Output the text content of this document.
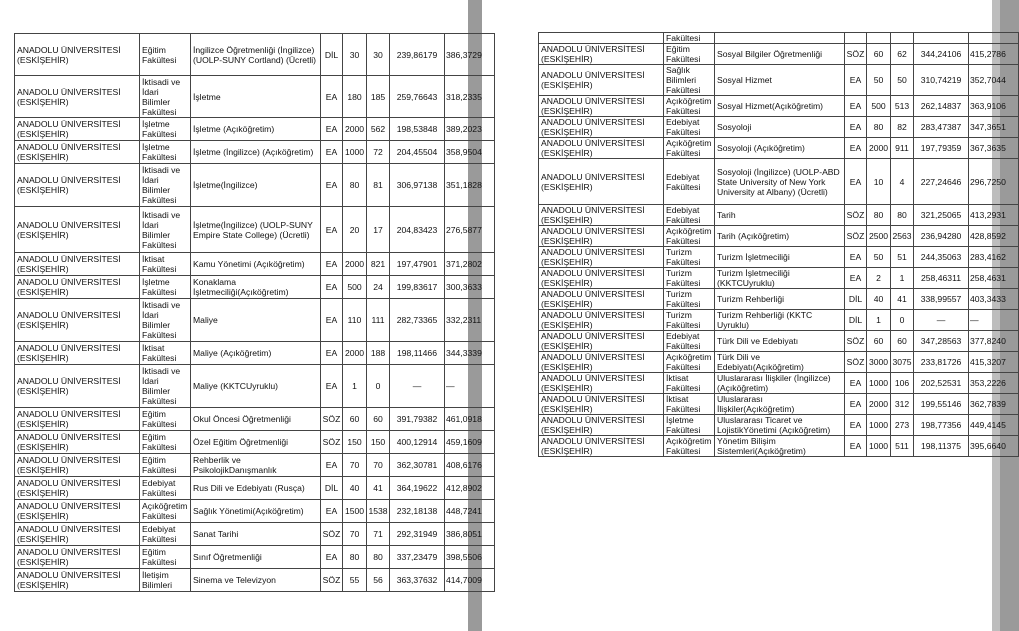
ANADOLU ÜNİVERSİTESİ (ESKİŞEHİR)	Eğitim Fakültesi	İngilizce Öğretmenliği (İngilizce)(UOLP-SUNY Cortland) (Ücretli)	DİL	30	30	239,86179	386,3729
ANADOLU ÜNİVERSİTESİ (ESKİŞEHİR)	İktisadi ve İdari Bilimler Fakültesi	İşletme	EA	180	185	259,76643	318,2335
ANADOLU ÜNİVERSİTESİ (ESKİŞEHİR)	İşletme Fakültesi	İşletme (Açıköğretim)	EA	2000	562	198,53848	389,2023
ANADOLU ÜNİVERSİTESİ (ESKİŞEHİR)	İşletme Fakültesi	İşletme (İngilizce) (Açıköğretim)	EA	1000	72	204,45504	358,9504
ANADOLU ÜNİVERSİTESİ (ESKİŞEHİR)	İktisadi ve İdari Bilimler Fakültesi	İşletme(İngilizce)	EA	80	81	306,97138	351,1828
ANADOLU ÜNİVERSİTESİ (ESKİŞEHİR)	İktisadi ve İdari Bilimler Fakültesi	İşletme(İngilizce) (UOLP-SUNY Empire State College) (Ücretli)	EA	20	17	204,83423	276,5877
ANADOLU ÜNİVERSİTESİ (ESKİŞEHİR)	İktisat Fakültesi	Kamu Yönetimi (Açıköğretim)	EA	2000	821	197,47901	371,2802
ANADOLU ÜNİVERSİTESİ (ESKİŞEHİR)	İşletme Fakültesi	Konaklama İşletmeciliği(Açıköğretim)	EA	500	24	199,83617	300,3633
ANADOLU ÜNİVERSİTESİ (ESKİŞEHİR)	İktisadi ve İdari Bilimler Fakültesi	Maliye	EA	110	111	282,73365	332,2311
ANADOLU ÜNİVERSİTESİ (ESKİŞEHİR)	İktisat Fakültesi	Maliye (Açıköğretim)	EA	2000	188	198,11466	344,3339
ANADOLU ÜNİVERSİTESİ (ESKİŞEHİR)	İktisadi ve İdari Bilimler Fakültesi	Maliye (KKTCUyruklu)	EA	1	0	—	—
ANADOLU ÜNİVERSİTESİ (ESKİŞEHİR)	Eğitim Fakültesi	Okul Öncesi Öğretmenliği	SÖZ	60	60	391,79382	461,0918
ANADOLU ÜNİVERSİTESİ (ESKİŞEHİR)	Eğitim Fakültesi	Özel Eğitim Öğretmenliği	SÖZ	150	150	400,12914	459,1609
ANADOLU ÜNİVERSİTESİ (ESKİŞEHİR)	Eğitim Fakültesi	Rehberlik ve PsikolojikDanışmanlık	EA	70	70	362,30781	408,6176
ANADOLU ÜNİVERSİTESİ (ESKİŞEHİR)	Edebiyat Fakültesi	Rus Dili ve Edebiyatı (Rusça)	DİL	40	41	364,19622	412,8902
ANADOLU ÜNİVERSİTESİ (ESKİŞEHİR)	Açıköğretim Fakültesi	Sağlık Yönetimi(Açıköğretim)	EA	1500	1538	232,18138	448,7241
ANADOLU ÜNİVERSİTESİ (ESKİŞEHİR)	Edebiyat Fakültesi	Sanat Tarihi	SÖZ	70	71	292,31949	386,8051
ANADOLU ÜNİVERSİTESİ (ESKİŞEHİR)	Eğitim Fakültesi	Sınıf Öğretmenliği	EA	80	80	337,23479	398,5506
ANADOLU ÜNİVERSİTESİ (ESKİŞEHİR)	İletişim Bilimleri	Sinema ve Televizyon	SÖZ	55	56	363,37632	414,7009
	Fakültesi						
ANADOLU ÜNİVERSİTESİ (ESKİŞEHİR)	Eğitim Fakültesi	Sosyal Bilgiler Öğretmenliği	SÖZ	60	62	344,24106	415,2786
ANADOLU ÜNİVERSİTESİ (ESKİŞEHİR)	Sağlık Bilimleri Fakültesi	Sosyal Hizmet	EA	50	50	310,74219	352,7044
ANADOLU ÜNİVERSİTESİ (ESKİŞEHİR)	Açıköğretim Fakültesi	Sosyal Hizmet(Açıköğretim)	EA	500	513	262,14837	363,9106
ANADOLU ÜNİVERSİTESİ (ESKİŞEHİR)	Edebiyat Fakültesi	Sosyoloji	EA	80	82	283,47387	347,3651
ANADOLU ÜNİVERSİTESİ (ESKİŞEHİR)	Açıköğretim Fakültesi	Sosyoloji (Açıköğretim)	EA	2000	911	197,79359	367,3635
ANADOLU ÜNİVERSİTESİ (ESKİŞEHİR)	Edebiyat Fakültesi	Sosyoloji (İngilizce) (UOLP-ABD State University of New York University at Albany) (Ücretli)	EA	10	4	227,24646	296,7250
ANADOLU ÜNİVERSİTESİ (ESKİŞEHİR)	Edebiyat Fakültesi	Tarih	SÖZ	80	80	321,25065	413,2931
ANADOLU ÜNİVERSİTESİ (ESKİŞEHİR)	Açıköğretim Fakültesi	Tarih (Açıköğretim)	SÖZ	2500	2563	236,94280	428,8592
ANADOLU ÜNİVERSİTESİ (ESKİŞEHİR)	Turizm Fakültesi	Turizm İşletmeciliği	EA	50	51	244,35063	283,4162
ANADOLU ÜNİVERSİTESİ (ESKİŞEHİR)	Turizm Fakültesi	Turizm İşletmeciliği (KKTCUyruklu)	EA	2	1	258,46311	258,4631
ANADOLU ÜNİVERSİTESİ (ESKİŞEHİR)	Turizm Fakültesi	Turizm Rehberliği	DİL	40	41	338,99557	403,3433
ANADOLU ÜNİVERSİTESİ (ESKİŞEHİR)	Turizm Fakültesi	Turizm Rehberliği (KKTC Uyruklu)	DİL	1	0	—	—
ANADOLU ÜNİVERSİTESİ (ESKİŞEHİR)	Edebiyat Fakültesi	Türk Dili ve Edebiyatı	SÖZ	60	60	347,28563	377,8240
ANADOLU ÜNİVERSİTESİ (ESKİŞEHİR)	Açıköğretim Fakültesi	Türk Dili ve Edebiyatı(Açıköğretim)	SÖZ	3000	3075	233,81726	415,3207
ANADOLU ÜNİVERSİTESİ (ESKİŞEHİR)	İktisat Fakültesi	Uluslararası İlişkiler (İngilizce)(Açıköğretim)	EA	1000	106	202,52531	353,2226
ANADOLU ÜNİVERSİTESİ (ESKİŞEHİR)	İktisat Fakültesi	Uluslararası İlişkiler(Açıköğretim)	EA	2000	312	199,55146	362,7839
ANADOLU ÜNİVERSİTESİ (ESKİŞEHİR)	İşletme Fakültesi	Uluslararası Ticaret ve LojistikYönetimi (Açıköğretim)	EA	1000	273	198,77356	449,4145
ANADOLU ÜNİVERSİTESİ (ESKİŞEHİR)	Açıköğretim Fakültesi	Yönetim Bilişim Sistemleri(Açıköğretim)	EA	1000	511	198,11375	395,6640
